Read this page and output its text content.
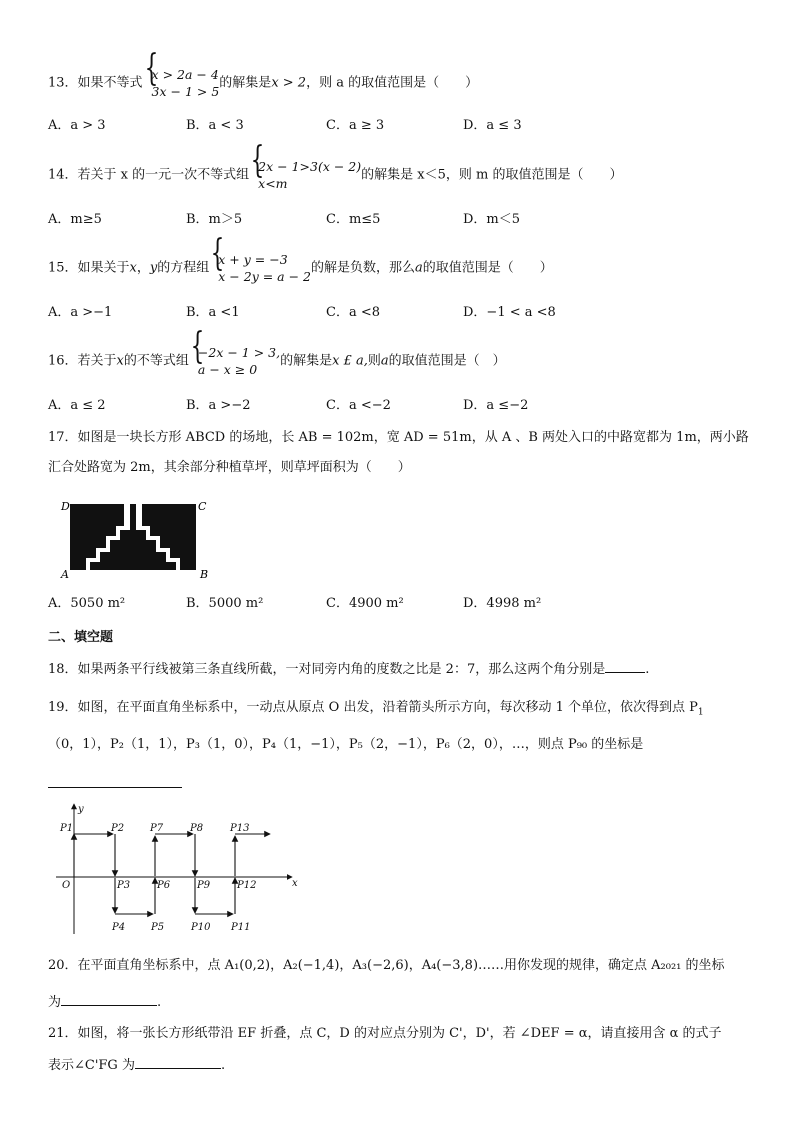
13．如果不等式
{ x > 2a − 4
3x − 1 > 5
的解集是x > 2，则 a 的取值范围是（　　）
A．a > 3	B．a < 3	C．a ≥ 3	D．a ≤ 3
14．若关于 x 的一元一次不等式组
{ 2x − 1>3(x − 2)
x<m
的解集是 x＜5，则 m 的取值范围是（　　）
A．m≥5	B．m＞5	C．m≤5	D．m＜5
15．如果关于x，y的方程组
{ x + y = −3
x − 2y = a − 2
的解是负数，那么a的取值范围是（　　）
A．a >−1	B．a <1	C．a <8	D．−1 < a <8
16．若关于x的不等式组
{ −2x − 1 > 3,
a − x ≥ 0
的解集是x £ a,则a的取值范围是（　）
A．a ≤ 2	B．a >−2	C．a <−2	D．a ≤−2
17．如图是一块长方形 ABCD 的场地，长 AB = 102m，宽 AD = 51m，从 A 、B 两处入口的中路宽都为 1m，两小路
汇合处路宽为 2m，其余部分种植草坪，则草坪面积为（　　）
D	C
A	B
A．5050 m²	B．5000 m²	C．4900 m²	D．4998 m²
二、填空题
18．如果两条平行线被第三条直线所截，一对同旁内角的度数之比是 2：7，那么这两个角分别是	.
19．如图，在平面直角坐标系中，一动点从原点 O 出发，沿着箭头所示方向，每次移动 1 个单位，依次得到点 $P_1$
（0，1），P₂（1，1），P₃（1，0），P₄（1，−1），P₅（2，−1），P₆（2，0），…，则点 P₉₀ 的坐标是
P1	P2	P7	P8	P13
O	P3	P6	P9	P12	x
P4	P5	P10 P11
y
20．在平面直角坐标系中，点 A₁(0,2)，A₂(−1,4)，A₃(−2,6)，A₄(−3,8)……用你发现的规律，确定点 A₂₀₂₁ 的坐标
为	.
21．如图，将一张长方形纸带沿 EF 折叠，点 C，D 的对应点分别为 C'，D'，若 ∠DEF = α，请直接用含 α 的式子
表示∠C'FG 为	.
